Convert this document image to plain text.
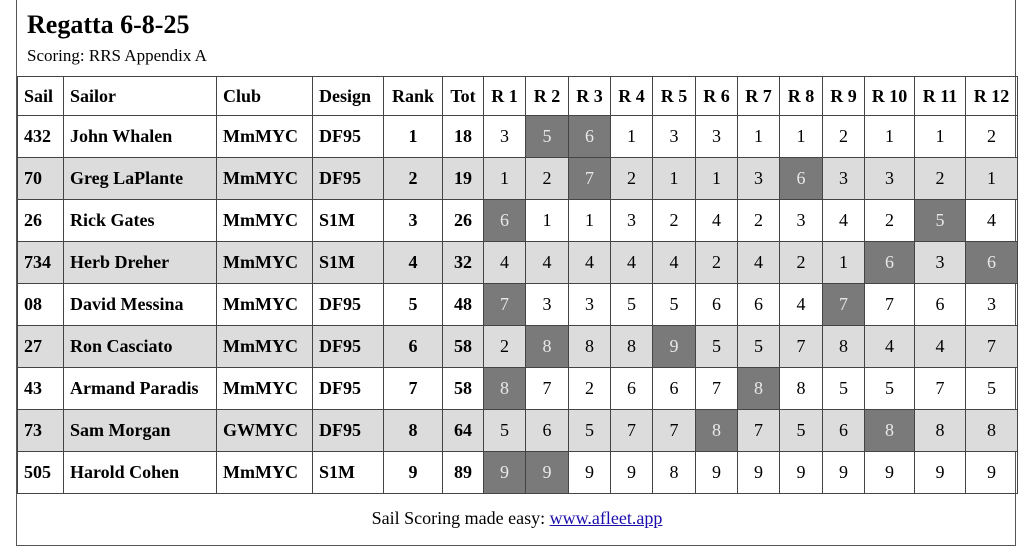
Regatta 6-8-25
Scoring: RRS Appendix A
Sail	Sailor	Club	Design	Rank	Tot	R 1	R 2	R 3	R 4	R 5	R 6	R 7	R 8	R 9	R 10	R 11	R 12
432	John Whalen	MmMYC	DF95	1	18	3	5	6	1	3	3	1	1	2	1	1	2
70	Greg LaPlante	MmMYC	DF95	2	19	1	2	7	2	1	1	3	6	3	3	2	1
26	Rick Gates	MmMYC	S1M	3	26	6	1	1	3	2	4	2	3	4	2	5	4
734	Herb Dreher	MmMYC	S1M	4	32	4	4	4	4	4	2	4	2	1	6	3	6
08	David Messina	MmMYC	DF95	5	48	7	3	3	5	5	6	6	4	7	7	6	3
27	Ron Casciato	MmMYC	DF95	6	58	2	8	8	8	9	5	5	7	8	4	4	7
43	Armand Paradis	MmMYC	DF95	7	58	8	7	2	6	6	7	8	8	5	5	7	5
73	Sam Morgan	GWMYC	DF95	8	64	5	6	5	7	7	8	7	5	6	8	8	8
505	Harold Cohen	MmMYC	S1M	9	89	9	9	9	9	8	9	9	9	9	9	9	9
Sail Scoring made easy: www.afleet.app
